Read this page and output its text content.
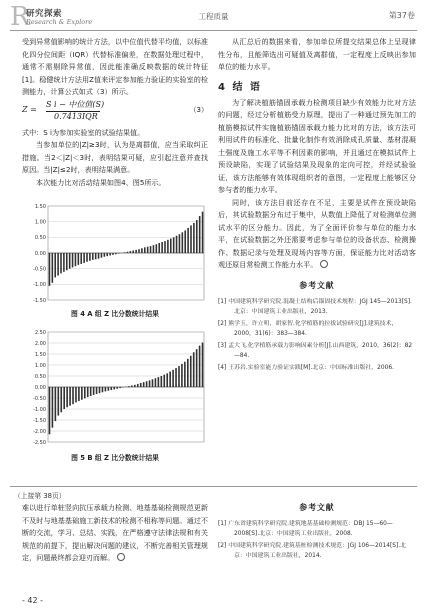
R
研究探索
Research & Explore
工程质量	第37卷

受到异常值影响的统计方法，以中位值代替平均值，以标准化四分位间距（IQR）代替标准偏差，在数据处理过程中，通常不需剔除异常值，因此能准确反映数据的统计特征[1]。稳健统计方法用Z值来评定参加能力验证的实验室的检测能力，计算公式如式（3）所示。

Z =
S i − 中位值(S)
0.7413IQR
（3）

式中：S i为参加实验室的试验结果值。

当参加单位的|Z|≥3时，认为是离群值，应当采取纠正措施。当2＜|Z|＜3时，表明结果可疑，应引起注意并查找原因。当|Z|≤2时，表明结果满意。

本次能力比对活动结果如图4、图5所示。

1.50
1.00
0.50
0.00
-0.50
-1.00
-1.50
图 4 A 组 Z 比分数统计结果
2.50
2.00
1.50
1.00
0.50
0.00
-0.50
-1.00
-1.50
-2.00
-2.50
图 5 B 组 Z 比分数统计结果

从汇总后的数据来看，参加单位所提交结果总体上呈现律性分布，且能筛选出可疑值及离群值，一定程度上反映出参加单位的能力水平。

4 结 语

为了解决植筋锚固承载力检测项目缺少有效能力比对方法的问题，经过分析植筋受力原理，提出了一种通过预先加工的植筋模拟试件实施植筋锚固承载力能力比对的方法，该方法可利用试件的标准化、批量化制作有效消除成孔质量、基材混凝土强度及施工水平等不利因素的影响，并且通过在模拟试件上预设缺陷，实现了试验结果及现象的定向可控，并经试验验证，该方法能够有效体现组织者的意图，一定程度上能够区分参与者的能力水平。

同时，该方法目前还存在不足，主要是试件在预设缺陷后，其试验数据分布过于集中，从数值上降低了对检测单位测试水平的区分能力。因此，为了全面评价参与单位的能力水平，在试验数据之外还需要考虑参与单位的设备状态、检测操作、数据记录与处理及现场内容等方面，保证能力比对活动客观还原目常检测工作能力水平。

参考文献

[1] 中国建筑科学研究院.混凝土结构后锚固技术规程：JGJ 145—2013[S].北京：中国建筑工业出版社，2013.

[2] 熊学玉，许立明，胡家智.化学植筋的拉拔试验研究[J].建筑技术，2000，31(6)：383—384.

[3] 孟大飞.化学植筋承载力影响因素分析[J].山西建筑，2010，36(2)：82—84.

[4] 王苏岩.实验室能力验证实践[M].北京：中国标准出版社，2006.

（上接第 38页）

难以进行单桩竖向抗压承载力检测、地基基础检测规范更新不及时与地基基础施工新技术的检测不相称等问题。通过不断的交流，学习、总结、实践，在严格遵守法律法规和有关规范的前提下，提出解决问题的建议，不断完善相关管理规定，问题最终都会迎刃而解。

参考文献

[1] 广东省建筑科学研究院.建筑地基基础检测规范：DBJ 15—60—2008[S].北京：中国建筑工业出版社，2008.

[2] 中国建筑科学研究院.建筑基桩检测技术规范：JGJ 106—2014[S].北京：中国建筑工业出版社，2014.

- 42 -
